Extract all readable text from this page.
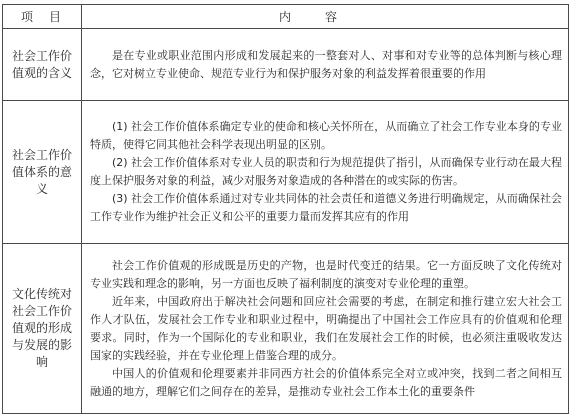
项　目	内容
社会工作价值观的含义	是在专业或职业范围内形成和发展起来的一整套对人、对事和对专业等的总体判断与核心理念，它对树立专业使命、规范专业行为和保护服务对象的利益发挥着很重要的作用

社会工作价值体系的意义	(1) 社会工作价值体系确定专业的使命和核心关怀所在，从而确立了社会工作专业本身的专业特质，使得它同其他社会科学表现出明显的区别。

(2) 社会工作价值体系对专业人员的职责和行为规范提供了指引，从而确保专业行动在最大程度上保护服务对象的利益，减少对服务对象造成的各种潜在的或实际的伤害。

(3) 社会工作价值体系通过对专业共同体的社会责任和道德义务进行明确规定，从而确保社会工作专业作为维护社会正义和公平的重要力量而发挥其应有的作用

文化传统对社会工作价值观的形成与发展的影响	社会工作价值观的形成既是历史的产物，也是时代变迁的结果。它一方面反映了文化传统对专业实践和理念的影响，另一方面也反映了福利制度的演变对专业伦理的重塑。

近年来，中国政府出于解决社会问题和回应社会需要的考虑，在制定和推行建立宏大社会工作人才队伍，发展社会工作专业和职业过程中，明确提出了中国社会工作应具有的价值观和伦理要求。同时，作为一个国际化的专业和职业，我们在发展社会工作的时候，也必须注重吸收发达国家的实践经验，并在专业伦理上借鉴合理的成分。

中国人的价值观和伦理要素并非同西方社会的价值体系完全对立或冲突，找到二者之间相互融通的地方，理解它们之间存在的差异，是推动专业社会工作本土化的重要条件
